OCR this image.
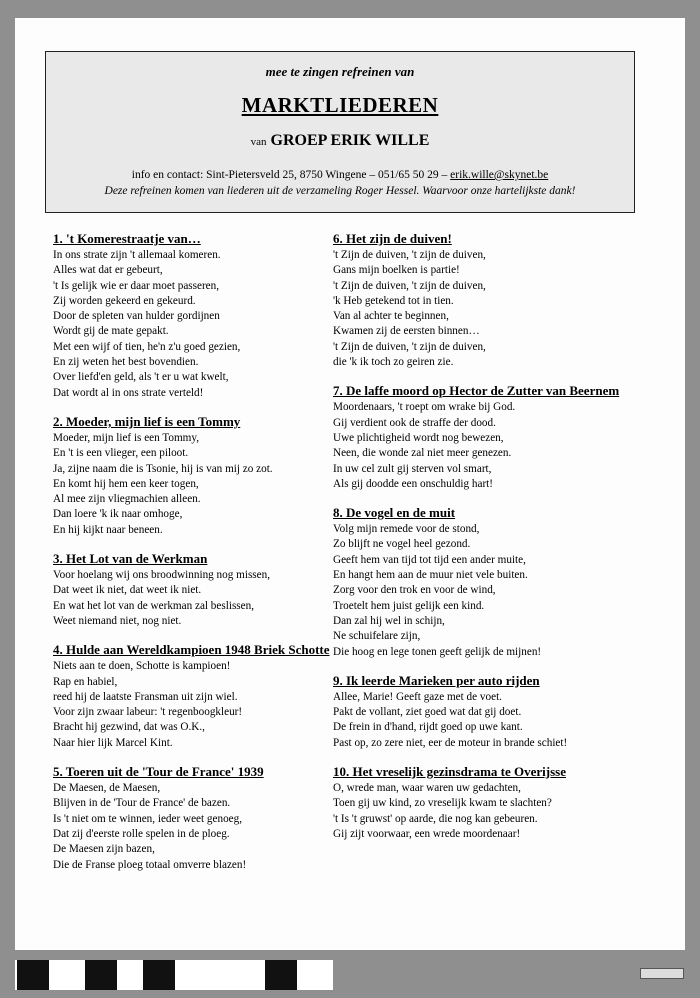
mee te zingen refreinen van
MARKTLIEDEREN
van GROEP ERIK WILLE
info en contact: Sint-Pietersveld 25, 8750 Wingene – 051/65 50 29 – erik.wille@skynet.be
Deze refreinen komen van liederen uit de verzameling Roger Hessel. Waarvoor onze hartelijkste dank!
1. 't Komerestraatje van…
In ons strate zijn 't allemaal komeren.
Alles wat dat er gebeurt,
't Is gelijk wie er daar moet passeren,
Zij worden gekeerd en gekeurd.
Door de spleten van hulder gordijnen
Wordt gij de mate gepakt.
Met een wijf of tien, he'n z'u goed gezien,
En zij weten het best bovendien.
Over liefd'en geld, als 't er u wat kwelt,
Dat wordt al in ons strate verteld!
2. Moeder, mijn lief is een Tommy
Moeder, mijn lief is een Tommy,
En 't is een vlieger, een piloot.
Ja, zijne naam die is Tsonie, hij is van mij zo zot.
En komt hij hem een keer togen,
Al mee zijn vliegmachien alleen.
Dan loere 'k ik naar omhoge,
En hij kijkt naar beneen.
3. Het Lot van de Werkman
Voor hoelang wij ons broodwinning nog missen,
Dat weet ik niet, dat weet ik niet.
En wat het lot van de werkman zal beslissen,
Weet niemand niet, nog niet.
4. Hulde aan Wereldkampioen 1948 Briek Schotte
Niets aan te doen, Schotte is kampioen!
Rap en habiel,
reed hij de laatste Fransman uit zijn wiel.
Voor zijn zwaar labeur: 't regenboogkleur!
Bracht hij gezwind, dat was O.K.,
Naar hier lijk Marcel Kint.
5. Toeren uit de 'Tour de France' 1939
De Maesen, de Maesen,
Blijven in de 'Tour de France' de bazen.
Is 't niet om te winnen, ieder weet genoeg,
Dat zij d'eerste rolle spelen in de ploeg.
De Maesen zijn bazen,
Die de Franse ploeg totaal omverre blazen!
6. Het zijn de duiven!
't Zijn de duiven, 't zijn de duiven,
Gans mijn boelken is partie!
't Zijn de duiven, 't zijn de duiven,
'k Heb getekend tot in tien.
Van al achter te beginnen,
Kwamen zij de eersten binnen…
't Zijn de duiven, 't zijn de duiven,
die 'k ik toch zo geiren zie.
7. De laffe moord op Hector de Zutter van Beernem
Moordenaars, 't roept om wrake bij God.
Gij verdient ook de straffe der dood.
Uwe plichtigheid wordt nog bewezen,
Neen, die wonde zal niet meer genezen.
In uw cel zult gij sterven vol smart,
Als gij doodde een onschuldig hart!
8. De vogel en de muit
Volg mijn remede voor de stond,
Zo blijft ne vogel heel gezond.
Geeft hem van tijd tot tijd een ander muite,
En hangt hem aan de muur niet vele buiten.
Zorg voor den trok en voor de wind,
Troetelt hem juist gelijk een kind.
Dan zal hij wel in schijn,
Ne schuifelare zijn,
Die hoog en lege tonen geeft gelijk de mijnen!
9. Ik leerde Marieken per auto rijden
Allee, Marie! Geeft gaze met de voet.
Pakt de vollant, ziet goed wat dat gij doet.
De frein in d'hand, rijdt goed op uwe kant.
Past op, zo zere niet, eer de moteur in brande schiet!
10. Het vreselijk gezinsdrama te Overijsse
O, wrede man, waar waren uw gedachten,
Toen gij uw kind, zo vreselijk kwam te slachten?
't Is 't gruwst' op aarde, die nog kan gebeuren.
Gij zijt voorwaar, een wrede moordenaar!
